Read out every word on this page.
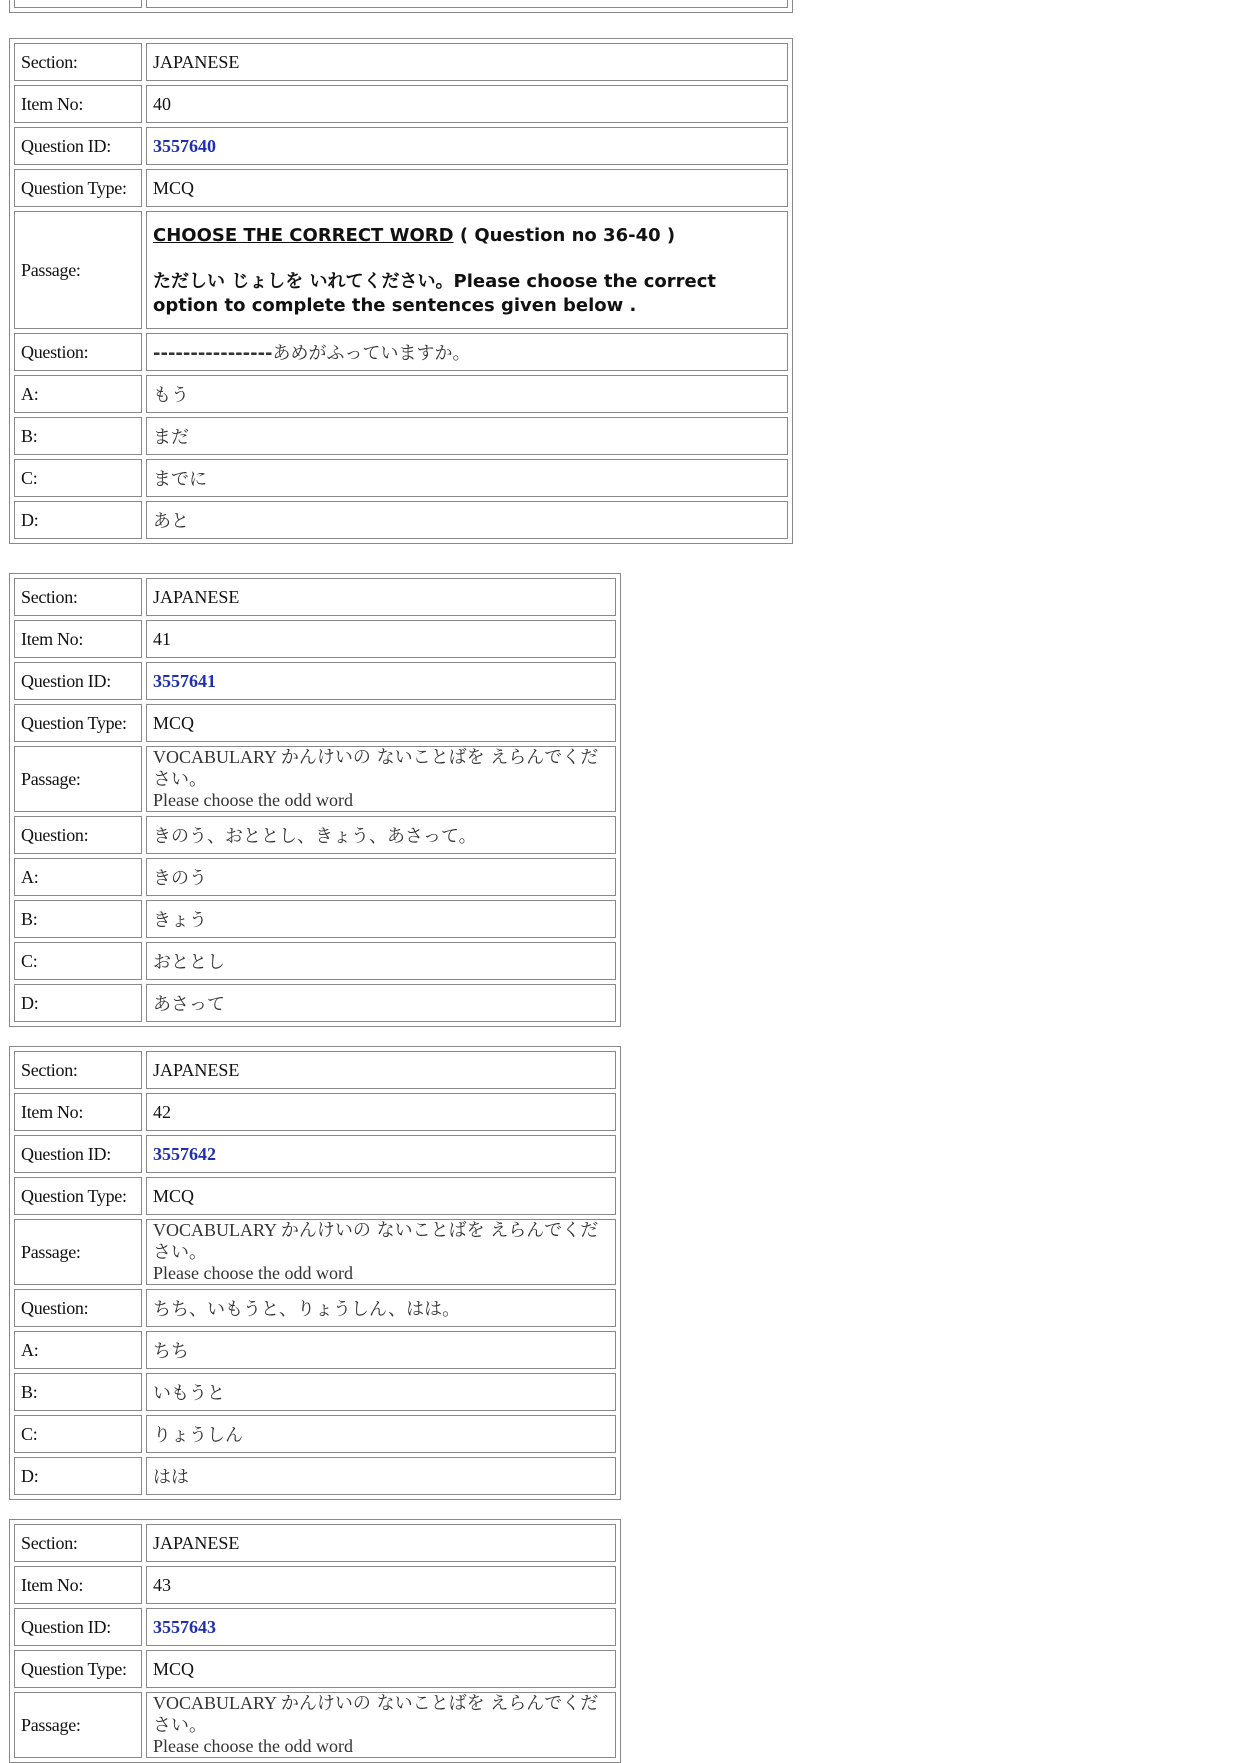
Section:	JAPANESE
Item No:	40
Question ID:	3557640
Question Type:	MCQ
Passage:	CHOOSE THE CORRECT WORD ( Question no 36-40 )
ただしい じょしを いれてください。Please choose the correct option to complete the sentences given below .

Question:	----------------あめがふっていますか。
A:	もう
B:	まだ
C:	までに
D:	あと
Section:	JAPANESE
Item No:	41
Question ID:	3557641
Question Type:	MCQ
Passage:	VOCABULARY かんけいの ないことばを えらんでください。
Please choose the odd word

Question:	きのう、おととし、きょう、あさって。
A:	きのう
B:	きょう
C:	おととし
D:	あさって
Section:	JAPANESE
Item No:	42
Question ID:	3557642
Question Type:	MCQ
Passage:	VOCABULARY かんけいの ないことばを えらんでください。
Please choose the odd word

Question:	ちち、いもうと、りょうしん、はは。
A:	ちち
B:	いもうと
C:	りょうしん
D:	はは
Section:	JAPANESE
Item No:	43
Question ID:	3557643
Question Type:	MCQ
Passage:	VOCABULARY かんけいの ないことばを えらんでください。
Please choose the odd word
